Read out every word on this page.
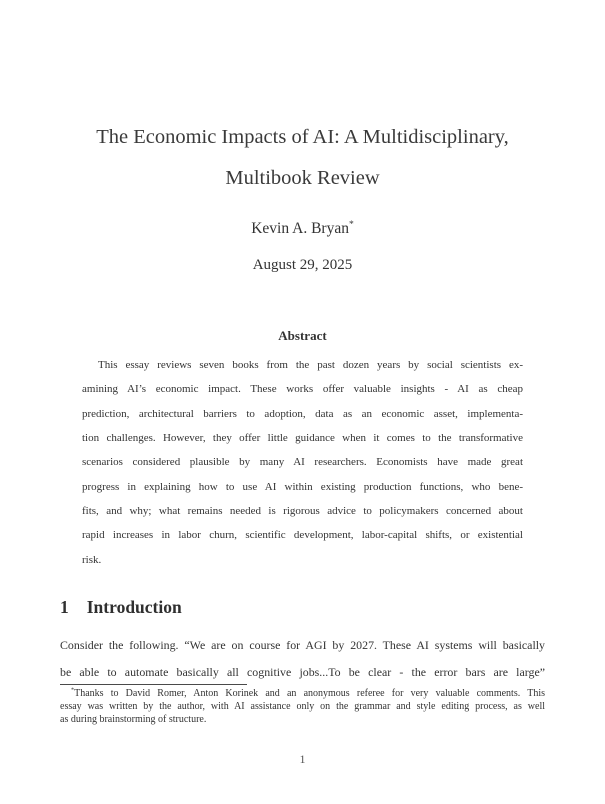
The Economic Impacts of AI: A Multidisciplinary,
Multibook Review
Kevin A. Bryan*
August 29, 2025
Abstract
This essay reviews seven books from the past dozen years by social scientists ex-
amining AI’s economic impact. These works offer valuable insights - AI as cheap
prediction, architectural barriers to adoption, data as an economic asset, implementa-
tion challenges. However, they offer little guidance when it comes to the transformative
scenarios considered plausible by many AI researchers. Economists have made great
progress in explaining how to use AI within existing production functions, who bene-
fits, and why; what remains needed is rigorous advice to policymakers concerned about
rapid increases in labor churn, scientific development, labor-capital shifts, or existential
risk.
1 Introduction
Consider the following. “We are on course for AGI by 2027. These AI systems will basically
be able to automate basically all cognitive jobs...To be clear - the error bars are large”
*Thanks to David Romer, Anton Korinek and an anonymous referee for very valuable comments. This
essay was written by the author, with AI assistance only on the grammar and style editing process, as well
as during brainstorming of structure.
1
